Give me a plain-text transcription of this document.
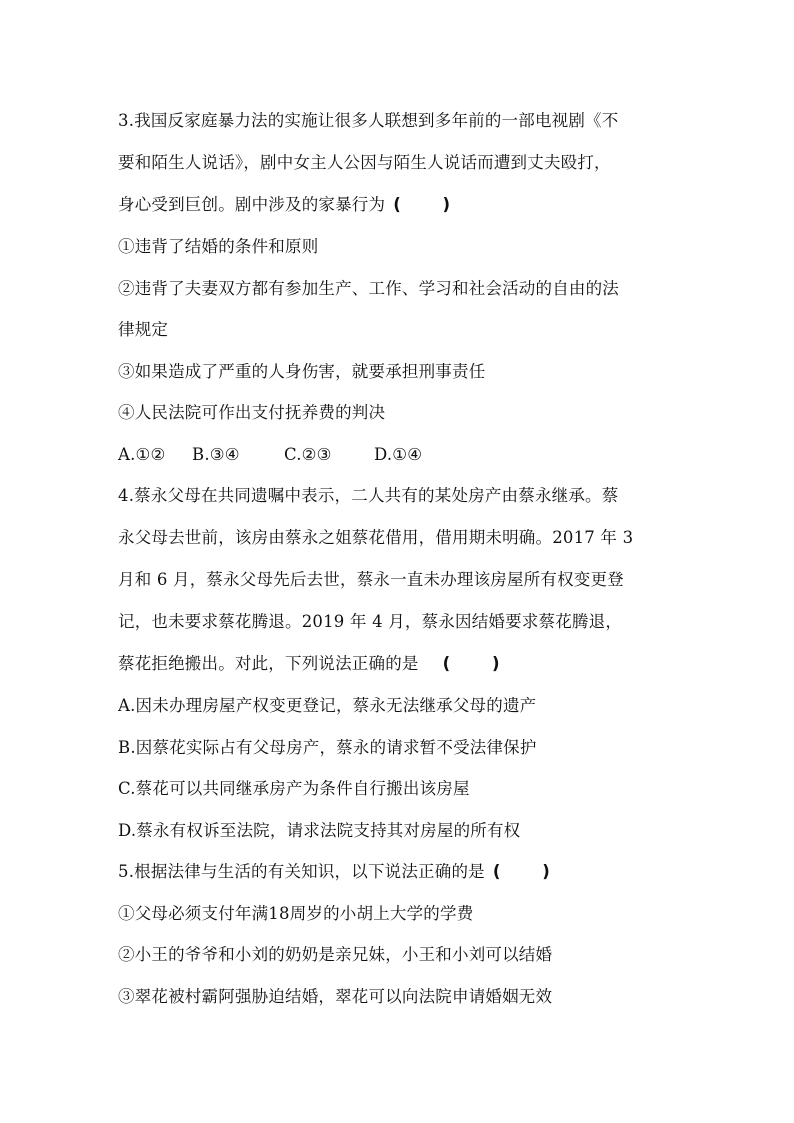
3.我国反家庭暴力法的实施让很多人联想到多年前的一部电视剧《不
要和陌生人说话》，剧中女主人公因与陌生人说话而遭到丈夫殴打，
身心受到巨创。剧中涉及的家暴行为 (       )
①违背了结婚的条件和原则
②违背了夫妻双方都有参加生产、工作、学习和社会活动的自由的法
律规定
③如果造成了严重的人身伤害，就要承担刑事责任
④人民法院可作出支付抚养费的判决
A.①② B.③④	C.②③	D.①④
4.蔡永父母在共同遗嘱中表示，二人共有的某处房产由蔡永继承。蔡
永父母去世前，该房由蔡永之姐蔡花借用，借用期未明确。2017 年 3
月和 6 月，蔡永父母先后去世，蔡永一直未办理该房屋所有权变更登
记，也未要求蔡花腾退。2019 年 4 月，蔡永因结婚要求蔡花腾退，
蔡花拒绝搬出。对此，下列说法正确的是 (       )
A.因未办理房屋产权变更登记，蔡永无法继承父母的遗产
B.因蔡花实际占有父母房产，蔡永的请求暂不受法律保护
C.蔡花可以共同继承房产为条件自行搬出该房屋
D.蔡永有权诉至法院，请求法院支持其对房屋的所有权
5.根据法律与生活的有关知识，以下说法正确的是 (       )
①父母必须支付年满18周岁的小胡上大学的学费
②小王的爷爷和小刘的奶奶是亲兄妹，小王和小刘可以结婚
③翠花被村霸阿强胁迫结婚，翠花可以向法院申请婚姻无效
